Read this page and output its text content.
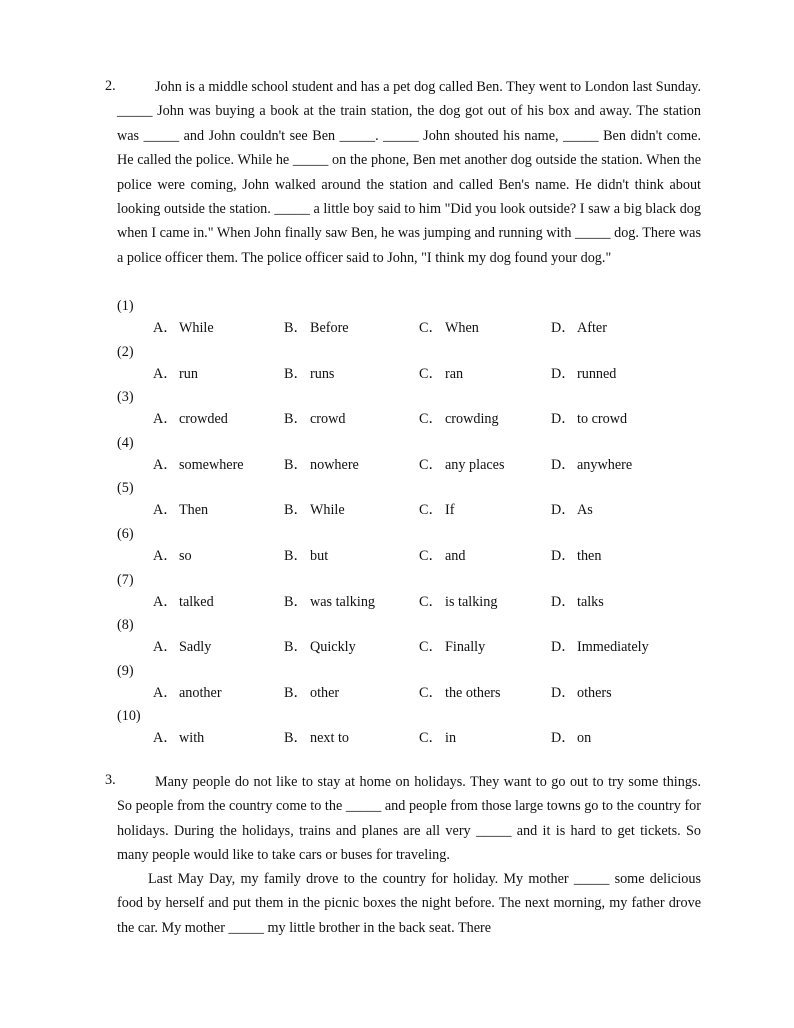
2.	John is a middle school student and has a pet dog called Ben. They went to London last Sunday. _____ John was buying a book at the train station, the dog got out of his box and away. The station was _____ and John couldn't see Ben _____. _____ John shouted his name, _____ Ben didn't come. He called the police. While he _____ on the phone, Ben met another dog outside the station. When the police were coming, John walked around the station and called Ben's name. He didn't think about looking outside the station. _____ a little boy said to him "Did you look outside? I saw a big black dog when I came in." When John finally saw Ben, he was jumping and running with _____ dog. There was a police officer them. The police officer said to John, "I think my dog found your dog."

(1)
A． While	B． Before	C． When	D． After
(2)
A． run	B． runs	C． ran	D． runned
(3)
A． crowded	B． crowd	C． crowding	D． to crowd
(4)
A． somewhere	B． nowhere	C． any places	D． anywhere
(5)
A． Then	B． While	C． If	D． As
(6)
A． so	B． but	C． and	D． then
(7)
A． talked	B． was talking	C． is talking	D． talks
(8)
A． Sadly	B． Quickly	C． Finally	D． Immediately
(9)
A． another	B． other	C． the others	D． others
(10)
A． with	B． next to	C． in	D． on
3.	Many people do not like to stay at home on holidays. They want to go out to try some things. So people from the country come to the _____ and people from those large towns go to the country for holidays. During the holidays, trains and planes are all very _____ and it is hard to get tickets. So many people would like to take cars or buses for traveling.

Last May Day, my family drove to the country for holiday. My mother _____ some delicious food by herself and put them in the picnic boxes the night before. The next morning, my father drove the car. My mother _____ my little brother in the back seat. There
